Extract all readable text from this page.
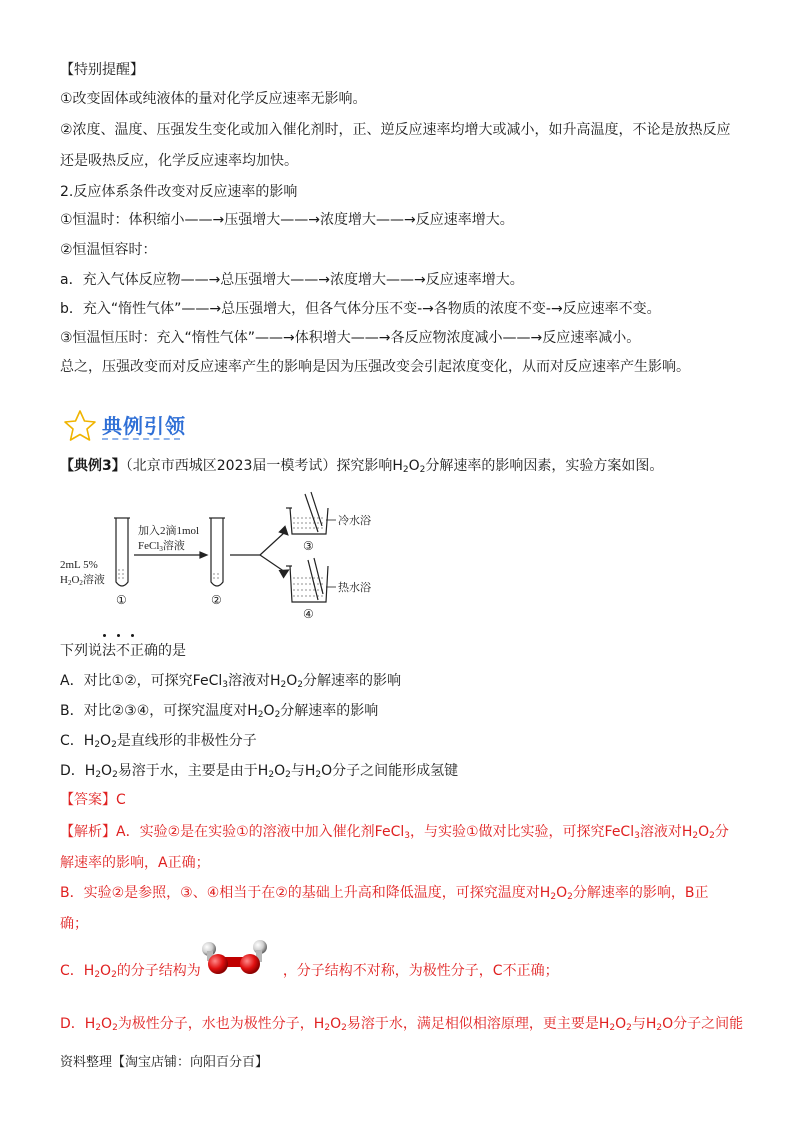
【特别提醒】
①改变固体或纯液体的量对化学反应速率无影响。
②浓度、温度、压强发生变化或加入催化剂时，正、逆反应速率均增大或减小，如升高温度，不论是放热反应
还是吸热反应，化学反应速率均加快。
2.反应体系条件改变对反应速率的影响
①恒温时：体积缩小——→压强增大——→浓度增大——→反应速率增大。
②恒温恒容时：
a．充入气体反应物——→总压强增大——→浓度增大——→反应速率增大。
b．充入“惰性气体”——→总压强增大，但各气体分压不变-→各物质的浓度不变-→反应速率不变。
③恒温恒压时：充入“惰性气体”——→体积增大——→各反应物浓度减小——→反应速率减小。
总之，压强改变而对反应速率产生的影响是因为压强改变会引起浓度变化，从而对反应速率产生影响。
典例引领
【典例3】（北京市西城区2023届一模考试）探究影响$H_2O_2$分解速率的影响因素，实验方案如图。
2mL 5%
H2O2溶液
加入2滴1mol
FeCl3溶液
①	②
③
④
冷水浴
热水浴
下列说法不正确的是
A．对比①②，可探究FeCl$_3$溶液对$H_2O_2$分解速率的影响
B．对比②③④，可探究温度对$H_2O_2$分解速率的影响
C．$H_2O_2$是直线形的非极性分子
D．$H_2O_2$易溶于水，主要是由于$H_2O_2$与$H_2O$分子之间能形成氢键
【答案】C
【解析】A．实验②是在实验①的溶液中加入催化剂FeCl$_3$，与实验①做对比实验，可探究FeCl$_3$溶液对$H_2O_2$分
解速率的影响，A正确；
B．实验②是参照，③、④相当于在②的基础上升高和降低温度，可探究温度对$H_2O_2$分解速率的影响，B正
确；
C．$H_2O_2$的分子结构为	，分子结构不对称，为极性分子，C不正确；
D．$H_2O_2$为极性分子，水也为极性分子，$H_2O_2$易溶于水，满足相似相溶原理，更主要是$H_2O_2$与$H_2O$分子之间能
资料整理【淘宝店铺：向阳百分百】
